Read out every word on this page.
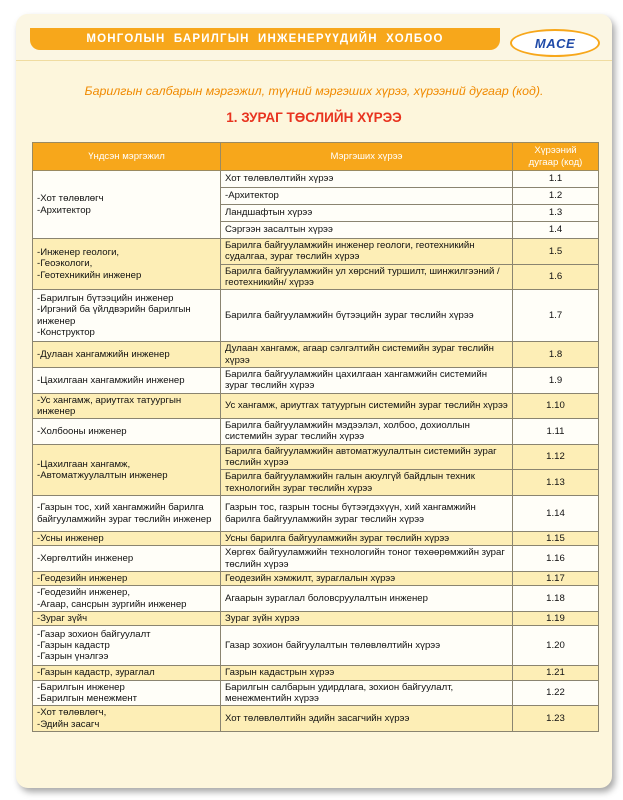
МОНГОЛЫН БАРИЛГЫН ИНЖЕНЕРҮҮДИЙН ХОЛБОО	MACE
Барилгын салбарын мэргэжил, түүний мэргэших хүрээ, хүрээний дугаар (код).
1. ЗУРАГ ТӨСЛИЙН ХҮРЭЭ
Үндсэн мэргэжил	Мэргэших хүрээ	Хүрээний
дугаар (код)
-Хот төлөвлөгч
-Архитектор	Хот төлөвлөлтийн хүрээ	1.1
	-Архитектор	1.2
	Ландшафтын хүрээ	1.3
	Сэргээн засалтын хүрээ	1.4
-Инженер геологи,
-Геоэкологи,
-Геотехникийн инженер	Барилга байгууламжийн инженер геологи, геотехникийн судалгаа, зураг төслийн хүрээ	1.5
	Барилга байгууламжийн ул хөрсний туршилт, шинжилгээний /геотехникийн/ хүрээ	1.6
-Барилгын бүтээцийн инженер
-Иргэний ба үйлдвэрийн барилгын инженер
-Конструктор	Барилга байгууламжийн бүтээцийн зураг төслийн хүрээ	1.7
-Дулаан хангамжийн инженер	Дулаан хангамж, агаар сэлгэлтийн системийн зураг төслийн хүрээ	1.8
-Цахилгаан хангамжийн инженер	Барилга байгууламжийн цахилгаан хангамжийн системийн зураг төслийн хүрээ	1.9
-Ус хангамж, ариутгах татуургын инженер	Ус хангамж, ариутгах татуургын системийн зураг төслийн хүрээ	1.10
-Холбооны инженер	Барилга байгууламжийн мэдээлэл, холбоо, дохиоллын системийн зураг төслийн хүрээ	1.11
-Цахилгаан хангамж,
-Автоматжуулалтын инженер	Барилга байгууламжийн автоматжуулалтын системийн зураг төслийн хүрээ	1.12
	Барилга байгууламжийн галын аюулгүй байдлын техник технологийн зураг төслийн хүрээ	1.13
-Газрын тос, хий хангамжийн барилга байгууламжийн зураг төслийн инженер	Газрын тос, газрын тосны бүтээгдэхүүн, хий хангамжийн барилга байгууламжийн зураг төслийн хүрээ	1.14
-Усны инженер	Усны барилга байгууламжийн зураг төслийн хүрээ	1.15
-Хөргөлтийн инженер	Хөргөх байгууламжийн технологийн тоног төхөөрөмжийн зураг төслийн хүрээ	1.16
-Геодезийн инженер	Геодезийн хэмжилт, зураглалын хүрээ	1.17
-Геодезийн инженер,
-Агаар, сансрын зургийн инженер	Агаарын зураглал боловсруулалтын инженер	1.18
-Зураг зүйч	Зураг зүйн хүрээ	1.19
-Газар зохион байгуулалт
-Газрын кадастр
-Газрын үнэлгээ	Газар зохион байгуулалтын төлөвлөлтийн хүрээ	1.20
-Газрын кадастр, зураглал	Газрын кадастрын хүрээ	1.21
-Барилгын инженер
-Барилгын менежмент	Барилгын салбарын удирдлага, зохион байгуулалт, менежментийн хүрээ	1.22
-Хот төлөвлөгч,
-Эдийн засагч	Хот төлөвлөлтийн эдийн засагчийн хүрээ	1.23
